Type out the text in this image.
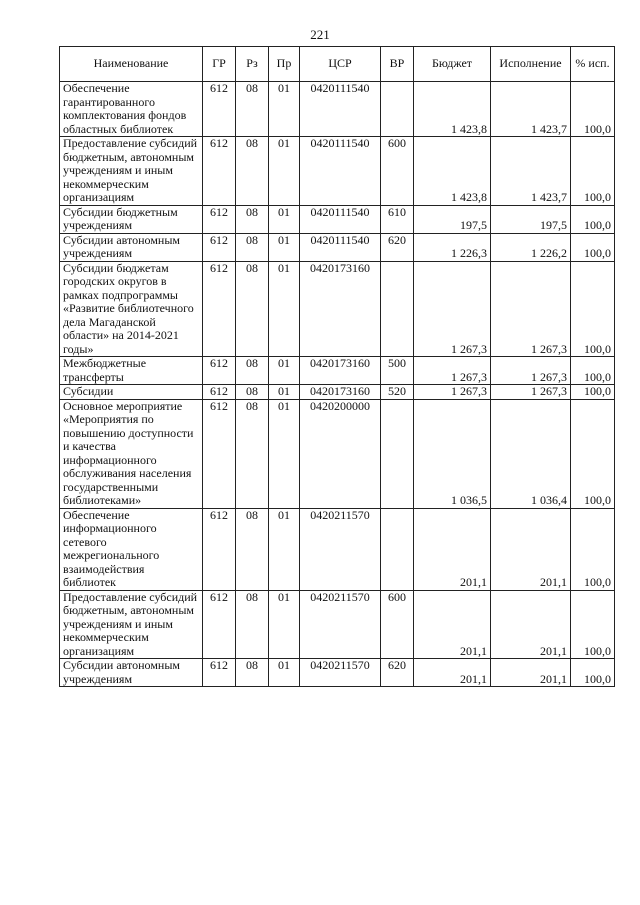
221
Наименование	ГР	Рз	Пр	ЦСР	ВР	Бюджет	Исполнение	% исп.
Обеспечение гарантированного комплектования фондов областных библиотек	612	08	01	0420111540		1 423,8	1 423,7	100,0
Предоставление субсидий бюджетным, автономным учреждениям и иным некоммерческим организациям	612	08	01	0420111540	600	1 423,8	1 423,7	100,0
Субсидии бюджетным учреждениям	612	08	01	0420111540	610	197,5	197,5	100,0
Субсидии автономным учреждениям	612	08	01	0420111540	620	1 226,3	1 226,2	100,0
Субсидии бюджетам городских округов в рамках подпрограммы «Развитие библиотечного дела Магаданской области» на 2014-2021 годы»	612	08	01	0420173160		1 267,3	1 267,3	100,0
Межбюджетные трансферты	612	08	01	0420173160	500	1 267,3	1 267,3	100,0
Субсидии	612	08	01	0420173160	520	1 267,3	1 267,3	100,0
Основное мероприятие «Мероприятия по повышению доступности и качества информационного обслуживания населения государственными библиотеками»	612	08	01	0420200000		1 036,5	1 036,4	100,0
Обеспечение информационного сетевого межрегионального взаимодействия библиотек	612	08	01	0420211570		201,1	201,1	100,0
Предоставление субсидий бюджетным, автономным учреждениям и иным некоммерческим организациям	612	08	01	0420211570	600	201,1	201,1	100,0
Субсидии автономным учреждениям	612	08	01	0420211570	620	201,1	201,1	100,0
